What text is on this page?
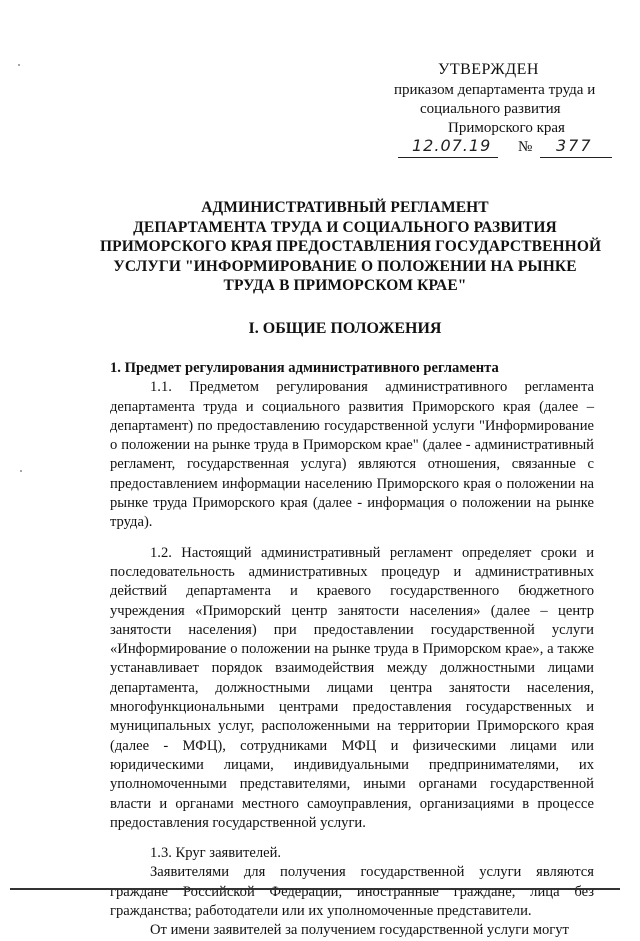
УТВЕРЖДЕН
приказом департамента труда и
социального развития
Приморского края
12.07.19 № 377
АДМИНИСТРАТИВНЫЙ РЕГЛАМЕНТ
ДЕПАРТАМЕНТА ТРУДА И СОЦИАЛЬНОГО РАЗВИТИЯ
ПРИМОРСКОГО КРАЯ ПРЕДОСТАВЛЕНИЯ ГОСУДАРСТВЕННОЙ
УСЛУГИ "ИНФОРМИРОВАНИЕ О ПОЛОЖЕНИИ НА РЫНКЕ
ТРУДА В ПРИМОРСКОМ КРАЕ"
I. ОБЩИЕ ПОЛОЖЕНИЯ
1. Предмет регулирования административного регламента

1.1. Предметом регулирования административного регламента департамента труда и социального развития Приморского края (далее – департамент) по предоставлению государственной услуги "Информирование о положении на рынке труда в Приморском крае" (далее - административный регламент, государственная услуга) являются отношения, связанные с предоставлением информации населению Приморского края о положении на рынке труда Приморского края (далее - информация о положении на рынке труда).

1.2. Настоящий административный регламент определяет сроки и последовательность административных процедур и административных действий департамента и краевого государственного бюджетного учреждения «Приморский центр занятости населения» (далее – центр занятости населения) при предоставлении государственной услуги «Информирование о положении на рынке труда в Приморском крае», а также устанавливает порядок взаимодействия между должностными лицами департамента, должностными лицами центра занятости населения, многофункциональными центрами предоставления государственных и муниципальных услуг, расположенными на территории Приморского края (далее - МФЦ), сотрудниками МФЦ и физическими лицами или юридическими лицами, индивидуальными предпринимателями, их уполномоченными представителями, иными органами государственной власти и органами местного самоуправления, организациями в процессе предоставления государственной услуги.

1.3. Круг заявителей.

Заявителями для получения государственной услуги являются граждане Российской Федерации, иностранные граждане, лица без гражданства; работодатели или их уполномоченные представители.

От имени заявителей за получением государственной услуги могут
